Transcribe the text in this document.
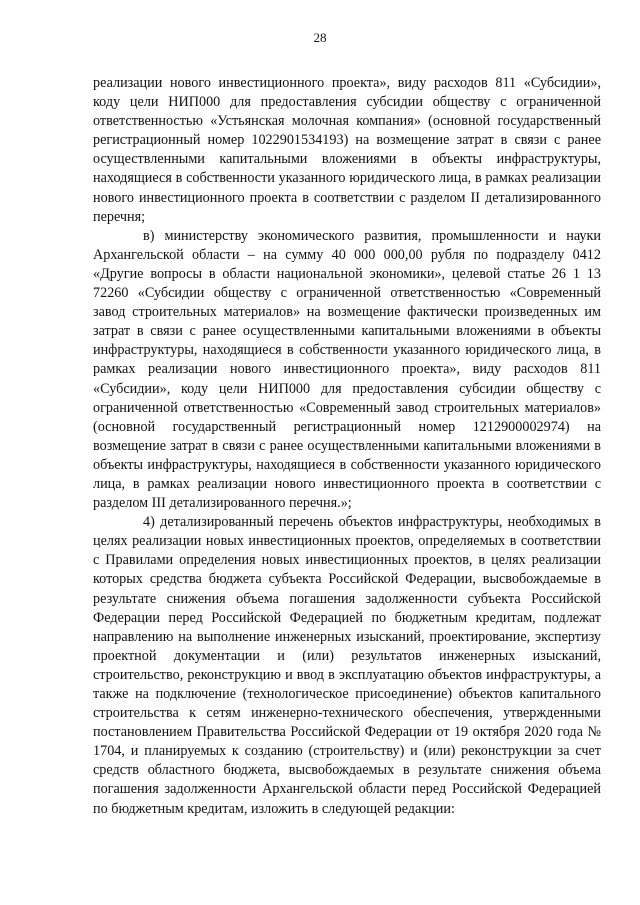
28

реализации нового инвестиционного проекта», виду расходов 811 «Субсидии», коду цели НИП000 для предоставления субсидии обществу с ограниченной ответственностью «Устьянская молочная компания» (основной государственный регистрационный номер 1022901534193) на возмещение затрат в связи с ранее осуществленными капитальными вложениями в объекты инфраструктуры, находящиеся в собственности указанного юридического лица, в рамках реализации нового инвестиционного проекта в соответствии с разделом II детализированного перечня;

в) министерству экономического развития, промышленности и науки Архангельской области – на сумму 40 000 000,00 рубля по подразделу 0412 «Другие вопросы в области национальной экономики», целевой статье 26 1 13 72260 «Субсидии обществу с ограниченной ответственностью «Современный завод строительных материалов» на возмещение фактически произведенных им затрат в связи с ранее осуществленными капитальными вложениями в объекты инфраструктуры, находящиеся в собственности указанного юридического лица, в рамках реализации нового инвестиционного проекта», виду расходов 811 «Субсидии», коду цели НИП000 для предоставления субсидии обществу с ограниченной ответственностью «Современный завод строительных материалов» (основной государственный регистрационный номер 1212900002974) на возмещение затрат в связи с ранее осуществленными капитальными вложениями в объекты инфраструктуры, находящиеся в собственности указанного юридического лица, в рамках реализации нового инвестиционного проекта в соответствии с разделом III детализированного перечня.»;

4) детализированный перечень объектов инфраструктуры, необходимых в целях реализации новых инвестиционных проектов, определяемых в соответствии с Правилами определения новых инвестиционных проектов, в целях реализации которых средства бюджета субъекта Российской Федерации, высвобождаемые в результате снижения объема погашения задолженности субъекта Российской Федерации перед Российской Федерацией по бюджетным кредитам, подлежат направлению на выполнение инженерных изысканий, проектирование, экспертизу проектной документации и (или) результатов инженерных изысканий, строительство, реконструкцию и ввод в эксплуатацию объектов инфраструктуры, а также на подключение (технологическое присоединение) объектов капитального строительства к сетям инженерно-технического обеспечения, утвержденными постановлением Правительства Российской Федерации от 19 октября 2020 года № 1704, и планируемых к созданию (строительству) и (или) реконструкции за счет средств областного бюджета, высвобождаемых в результате снижения объема погашения задолженности Архангельской области перед Российской Федерацией по бюджетным кредитам, изложить в следующей редакции:
